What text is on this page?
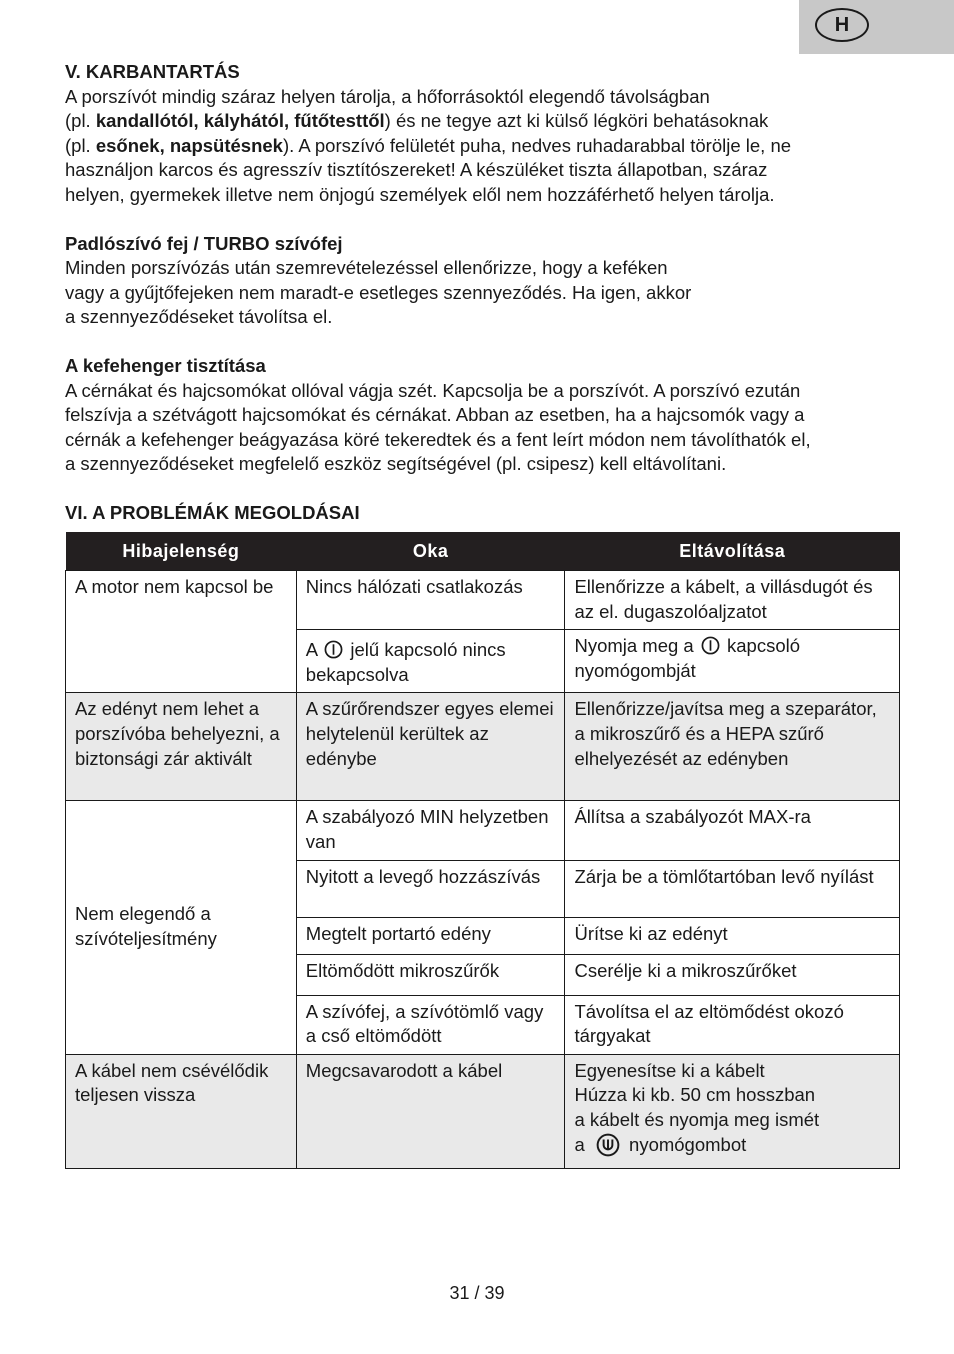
H

V. KARBANTARTÁS

A porszívót mindig száraz helyen tárolja, a hőforrásoktól elegendő távolságban
(pl. kandallótól, kályhától, fűtőtesttől) és ne tegye azt ki külső légköri behatásoknak
(pl. esőnek, napsütésnek). A porszívó felületét puha, nedves ruhadarabbal törölje le, ne
használjon karcos és agresszív tisztítószereket! A készüléket tiszta állapotban, száraz
helyen, gyermekek illetve nem önjogú személyek elől nem hozzáférhető helyen tárolja.

Padlószívó fej / TURBO szívófej

Minden porszívózás után szemrevételezéssel ellenőrizze, hogy a keféken
vagy a gyűjtőfejeken nem maradt-e esetleges szennyeződés. Ha igen, akkor
a szennyeződéseket távolítsa el.

A kefehenger tisztítása

A cérnákat és hajcsomókat ollóval vágja szét. Kapcsolja be a porszívót. A porszívó ezután
felszívja a szétvágott hajcsomókat és cérnákat. Abban az esetben, ha a hajcsomók vagy a
cérnák a kefehenger beágyazása köré tekeredtek és a fent leírt módon nem távolíthatók el,
a szennyeződéseket megfelelő eszköz segítségével (pl. csipesz) kell eltávolítani.

VI. A PROBLÉMÁK MEGOLDÁSAI

Hibajelenség	Oka	Eltávolítása
A motor nem kapcsol be	Nincs hálózati csatlakozás	Ellenőrizze a kábelt, a villásdugót és az el. dugaszolóaljzatot
	A jelű kapcsoló nincs bekapcsolva	Nyomja meg a kapcsoló nyomógombját
Az edényt nem lehet a porszívóba behelyezni, a biztonsági zár aktivált	A szűrőrendszer egyes elemei helytelenül kerültek az edénybe	Ellenőrizze/javítsa meg a szeparátor, a mikroszűrő és a HEPA szűrő elhelyezését az edényben
Nem elegendő a szívóteljesítmény	A szabályozó MIN helyzetben van	Állítsa a szabályozót MAX-ra
	Nyitott a levegő hozzászívás	Zárja be a tömlőtartóban levő nyílást
	Megtelt portartó edény	Ürítse ki az edényt
	Eltömődött mikroszűrők	Cserélje ki a mikroszűrőket
	A szívófej, a szívótömlő vagy a cső eltömődött	Távolítsa el az eltömődést okozó tárgyakat
A kábel nem csévélődik teljesen vissza	Megcsavarodott a kábel	Egyenesítse ki a kábelt
Húzza ki kb. 50 cm hosszban
a kábelt és nyomja meg ismét
a nyomógombot
31 / 39
